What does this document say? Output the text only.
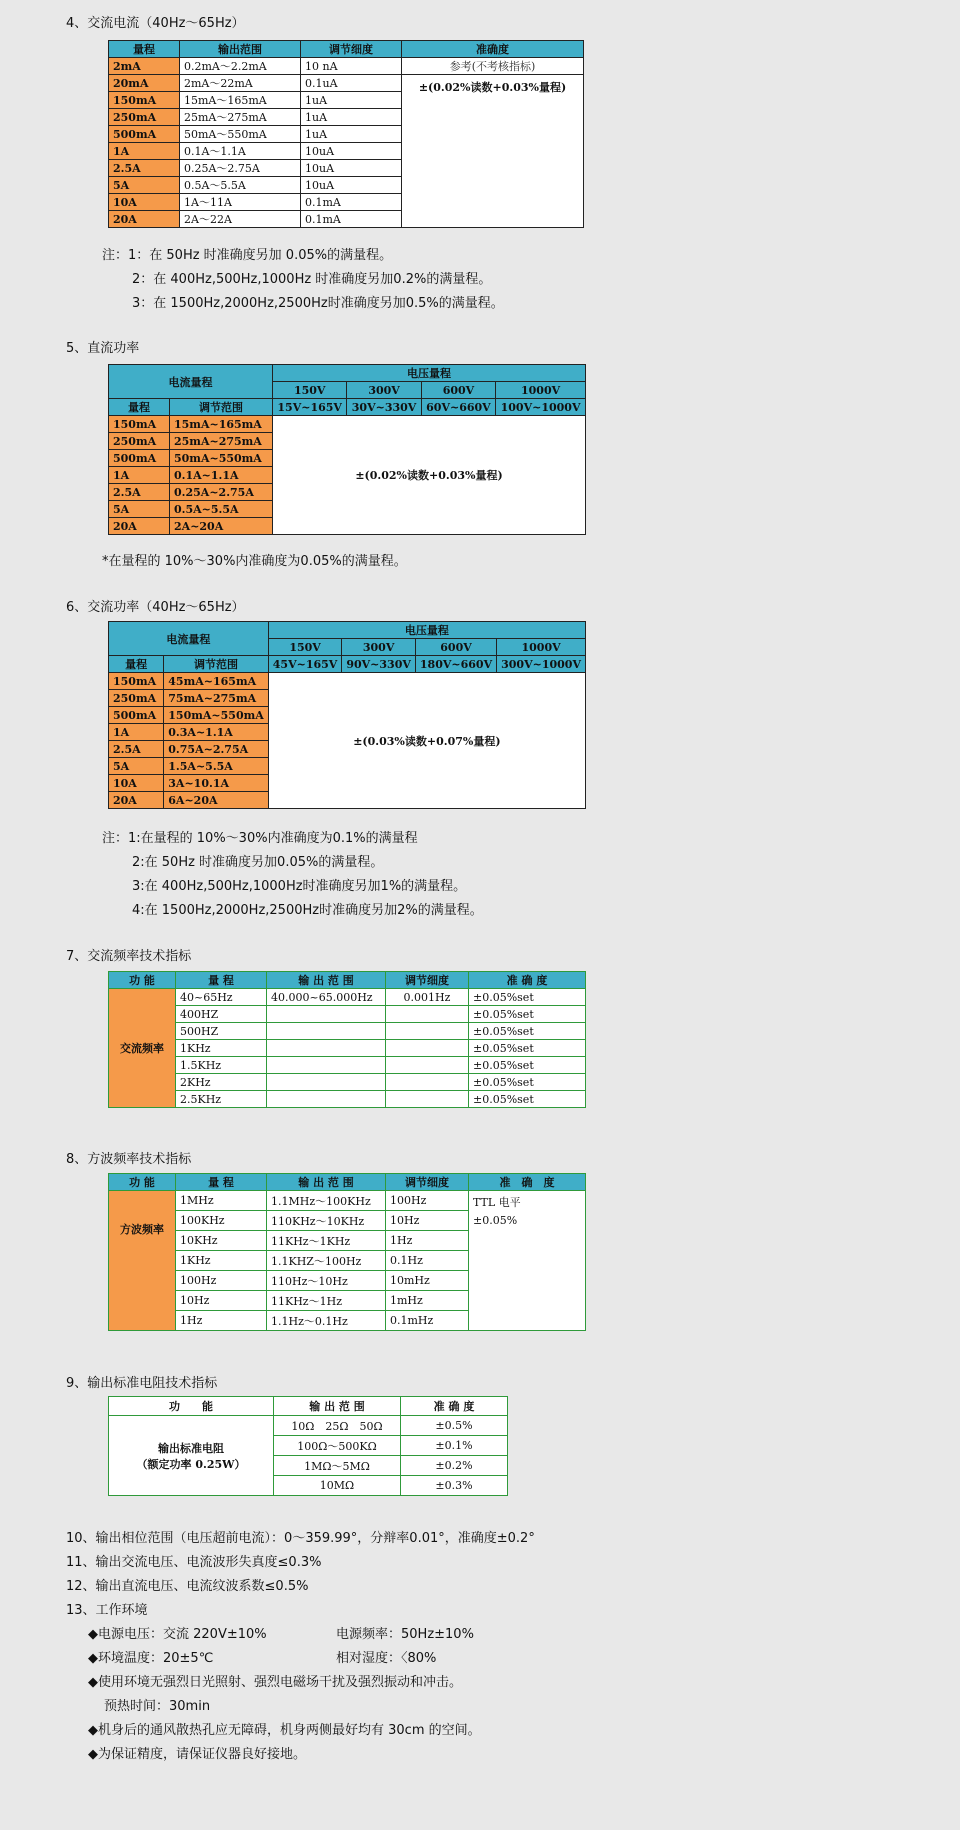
4、交流电流（40Hz～65Hz）
量程	输出范围	调节细度	准确度
2mA	0.2mA～2.2mA	10 nA	参考(不考核指标)
20mA	2mA～22mA	0.1uA	±(0.02%读数+0.03%量程)
150mA	15mA～165mA	1uA	
250mA	25mA～275mA	1uA	
500mA	50mA～550mA	1uA	
1A	0.1A～1.1A	10uA	
2.5A	0.25A～2.75A	10uA	
5A	0.5A～5.5A	10uA	
10A	1A～11A	0.1mA	
20A	2A～22A	0.1mA	
注：1：在 50Hz 时准确度另加 0.05%的满量程。
2：在 400Hz,500Hz,1000Hz 时准确度另加0.2%的满量程。
3：在 1500Hz,2000Hz,2500Hz时准确度另加0.5%的满量程。
5、直流功率
电流量程		电压量程			
		150V	300V	600V	1000V
量程	调节范围	15V~165V	30V~330V	60V~660V	100V~1000V
150mA	15mA~165mA	±(0.02%读数+0.03%量程)			
250mA	25mA~275mA				
500mA	50mA~550mA				
1A	0.1A~1.1A				
2.5A	0.25A~2.75A				
5A	0.5A~5.5A				
20A	2A~20A				
*在量程的 10%～30%内准确度为0.05%的满量程。
6、交流功率（40Hz～65Hz）
电流量程		电压量程			
		150V	300V	600V	1000V
量程	调节范围	45V~165V	90V~330V	180V~660V	300V~1000V
150mA	45mA~165mA	±(0.03%读数+0.07%量程)			
250mA	75mA~275mA				
500mA	150mA~550mA				
1A	0.3A~1.1A				
2.5A	0.75A~2.75A				
5A	1.5A~5.5A				
10A	3A~10.1A				
20A	6A~20A				
注：1:在量程的 10%～30%内准确度为0.1%的满量程
2:在 50Hz 时准确度另加0.05%的满量程。
3:在 400Hz,500Hz,1000Hz时准确度另加1%的满量程。
4:在 1500Hz,2000Hz,2500Hz时准确度另加2%的满量程。
7、交流频率技术指标
功 能	量 程	输 出 范 围	调节细度	准 确 度
交流频率	40~65Hz	40.000~65.000Hz	0.001Hz	±0.05%set
	400HZ			±0.05%set
	500HZ			±0.05%set
	1KHz			±0.05%set
	1.5KHz			±0.05%set
	2KHz			±0.05%set
	2.5KHz			±0.05%set
8、方波频率技术指标
功 能	量 程	输 出 范 围	调节细度	准　确　度
方波频率	1MHz	1.1MHz～100KHz	100Hz	TTL 电平
±0.05%

	100KHz	110KHz～10KHz	10Hz	
	10KHz	11KHz～1KHz	1Hz	
	1KHz	1.1KHZ～100Hz	0.1Hz	
	100Hz	110Hz～10Hz	10mHz	
	10Hz	11KHz～1Hz	1mHz	
	1Hz	1.1Hz～0.1Hz	0.1mHz	
9、输出标准电阻技术指标
功　　能	输 出 范 围	准 确 度

输出标准电阻
（额定功率 0.25W）	10Ω　25Ω　50Ω	±0.5%
	100Ω～500KΩ	±0.1%
	1MΩ～5MΩ	±0.2%
	10MΩ	±0.3%
10、输出相位范围（电压超前电流）：0～359.99°，分辩率0.01°，准确度±0.2°
11、输出交流电压、电流波形失真度≤0.3%
12、输出直流电压、电流纹波系数≤0.5%
13、工作环境
◆电源电压：交流 220V±10%	电源频率：50Hz±10%
◆环境温度：20±5℃	相对湿度：〈80%
◆使用环境无强烈日光照射、强烈电磁场干扰及强烈振动和冲击。
预热时间：30min
◆机身后的通风散热孔应无障碍，机身两侧最好均有 30cm 的空间。
◆为保证精度，请保证仪器良好接地。
